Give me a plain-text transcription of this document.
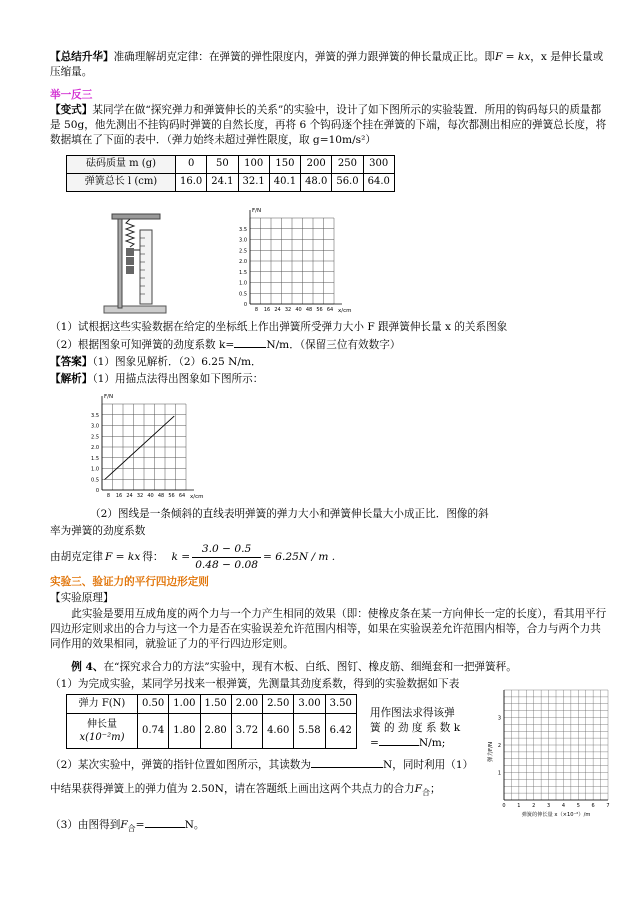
【总结升华】准确理解胡克定律：在弹簧的弹性限度内，弹簧的弹力跟弹簧的伸长量成正比。即F = kx，x 是伸长量或压缩量。
举一反三
【变式】某同学在做“探究弹力和弹簧伸长的关系”的实验中，设计了如下图所示的实验装置．所用的钩码每只的质量都是 50g，他先测出不挂钩码时弹簧的自然长度，再将 6 个钩码逐个挂在弹簧的下端，每次都测出相应的弹簧总长度，将数据填在了下面的表中．（弹力始终未超过弹性限度，取 g=10m/s²）
砝码质量 m (g)	0	50	100	150	200	250	300
弹簧总长 l (cm)	16.0	24.1	32.1	40.1	48.0	56.0	64.0
F/N
x/cm
3.5
3.0
2.5
2.0
1.5
1.0
0.5
0
8 16 24 32 40 48 56 64
（1）试根据这些实验数据在给定的坐标纸上作出弹簧所受弹力大小 F 跟弹簧伸长量 x 的关系图象
（2）根据图象可知弹簧的劲度系数 k=	N/m．（保留三位有效数字）
【答案】（1）图象见解析．（2）6.25 N/m．
【解析】（1）用描点法得出图象如下图所示：
F/N
x/cm
3.5
3.0
2.5
2.0
1.5
1.0
0.5
0
8 16 24 32 40 48 56 64
（2）图线是一条倾斜的直线表明弹簧的弹力大小和弹簧伸长量大小成正比．图像的斜
率为弹簧的劲度系数
由胡克定律 F = kx 得： $k = \frac{3.0 - 0.5}{0.48 - 0.08} = 6.25N / m$ .
实验三、验证力的平行四边形定则
【实验原理】
此实验是要用互成角度的两个力与一个力产生相同的效果（即：使橡皮条在某一方向伸长一定的长度），看其用平行四边形定则求出的合力与这一个力是否在实验误差允许范围内相等，如果在实验误差允许范围内相等，合力与两个力共同作用的效果相同，就验证了力的平行四边形定则。
例 4、在“探究求合力的方法”实验中，现有木板、白纸、图钉、橡皮筋、细绳套和一把弹簧秤。
（1）为完成实验，某同学另找来一根弹簧，先测量其劲度系数，得到的实验数据如下表
弹力 F(N)	0.50	1.00	1.50	2.00	2.50	3.00	3.50
伸长量
x(10⁻²m)	0.74	1.80	2.80	3.72	4.60	5.58	6.42
用作图法求得该弹
簧 的 劲 度 系 数 k
=	N/m;
0 1 2 3 4 5 6 7
1
2
3
弹力F/N
弹簧的伸长量 x（×10⁻²）/m
（2）某次实验中，弹簧的指针位置如图所示，其读数为	N，同时利用（1）
中结果获得弹簧上的弹力值为 2.50N，请在答题纸上画出这两个共点力的合力$F_合$；
（3）由图得到$F_合=$	N。
